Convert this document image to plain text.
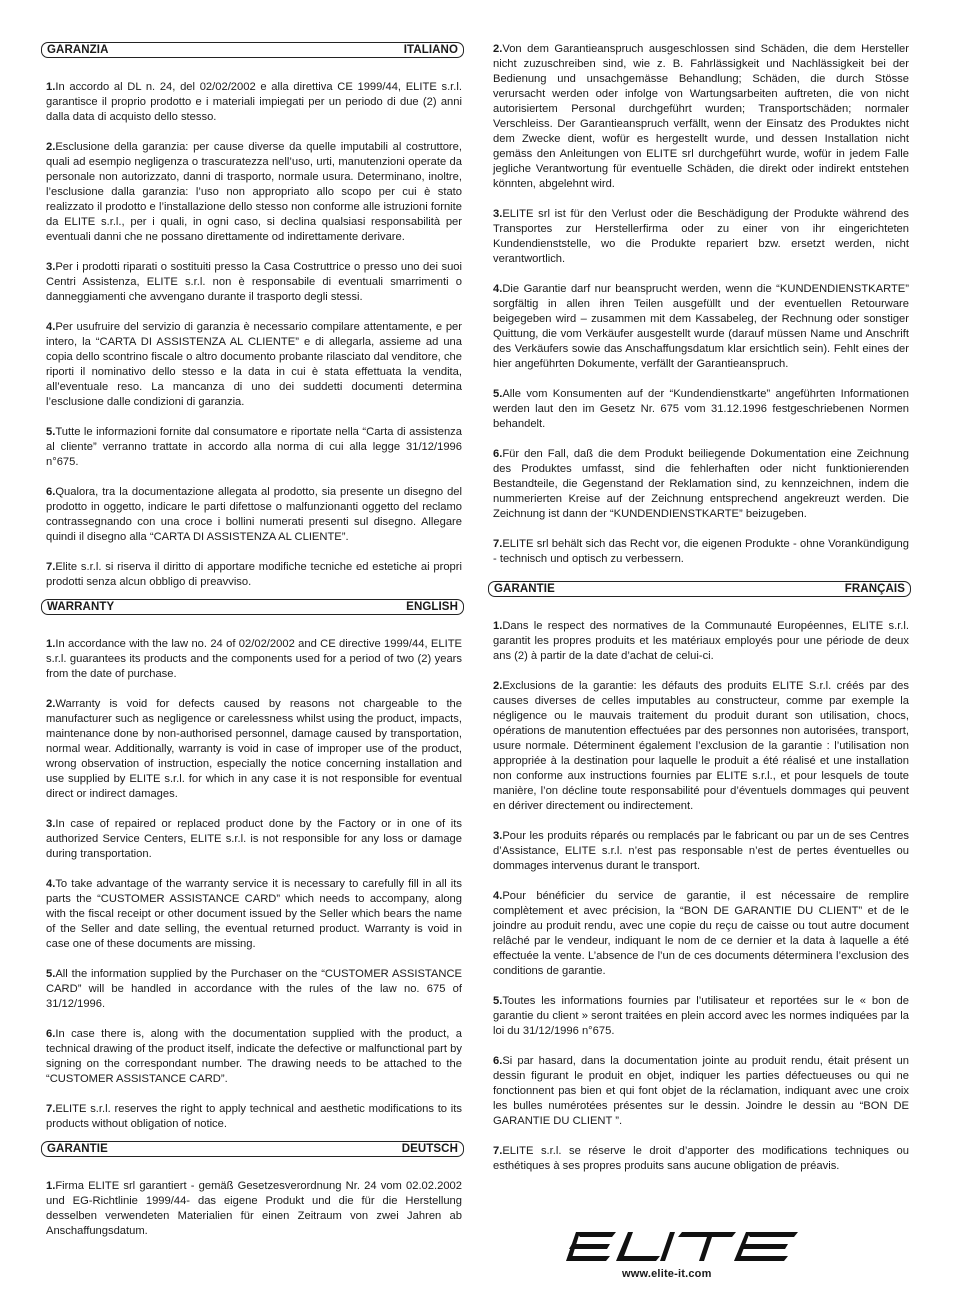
GARANZIA	ITALIANO

1.In accordo al DL n. 24, del 02/02/2002 e alla direttiva CE 1999/44, ELITE s.r.l. garantisce il proprio prodotto e i materiali impiegati per un periodo di due (2) anni dalla data di acquisto dello stesso.

2.Esclusione della garanzia: per cause diverse da quelle imputabili al costruttore, quali ad esempio negligenza o trascuratezza nell’uso, urti, manutenzioni operate da personale non autorizzato, danni di trasporto, normale usura. Determinano, inoltre, l’esclusione dalla garanzia: l’uso non appropriato allo scopo per cui è stato realizzato il prodotto e l’installazione dello stesso non conforme alle istruzioni fornite da ELITE s.r.l., per i quali, in ogni caso, si declina qualsiasi responsabilità per eventuali danni che ne possano direttamente od indirettamente derivare.

3.Per i prodotti riparati o sostituiti presso la Casa Costruttrice o presso uno dei suoi Centri Assistenza, ELITE s.r.l. non è responsabile di eventuali smarrimenti o danneggiamenti che avvengano durante il trasporto degli stessi.

4.Per usufruire del servizio di garanzia è necessario compilare attentamente, e per intero, la “CARTA DI ASSISTENZA AL CLIENTE” e di allegarla, assieme ad una copia dello scontrino fiscale o altro documento probante rilasciato dal venditore, che riporti il nominativo dello stesso e la data in cui è stata effettuata la vendita, all’eventuale reso. La mancanza di uno dei suddetti documenti determina l’esclusione dalle condizioni di garanzia.

5.Tutte le informazioni fornite dal consumatore e riportate nella “Carta di assistenza al cliente” verranno trattate in accordo alla norma di cui alla legge 31/12/1996 n°675.

6.Qualora, tra la documentazione allegata al prodotto, sia presente un disegno del prodotto in oggetto, indicare le parti difettose o malfunzionanti oggetto del reclamo contrassegnando con una croce i bollini numerati presenti sul disegno. Allegare quindi il disegno alla “CARTA DI ASSISTENZA AL CLIENTE”.

7.Elite s.r.l. si riserva il diritto di apportare modifiche tecniche ed estetiche ai propri prodotti senza alcun obbligo di preavviso.

WARRANTY	ENGLISH

1.In accordance with the law no. 24 of 02/02/2002 and CE directive 1999/44, ELITE s.r.l. guarantees its products and the components used for a period of two (2) years from the date of purchase.

2.Warranty is void for defects caused by reasons not chargeable to the manufacturer such as negligence or carelessness whilst using the product, impacts, maintenance done by non-authorised personnel, damage caused by transportation, normal wear. Additionally, warranty is void in case of improper use of the product, wrong observation of instruction, especially the notice concerning installation and use supplied by ELITE s.r.l. for which in any case it is not responsible for eventual direct or indirect damages.

3.In case of repaired or replaced product done by the Factory or in one of its authorized Service Centers, ELITE s.r.l. is not responsible for any loss or damage during transportation.

4.To take advantage of the warranty service it is necessary to carefully fill in all its parts the “CUSTOMER ASSISTANCE CARD” which needs to accompany, along with the fiscal receipt or other document issued by the Seller which bears the name of the Seller and date selling, the eventual returned product. Warranty is void in case one of these documents are missing.

5.All the information supplied by the Purchaser on the “CUSTOMER ASSISTANCE CARD” will be handled in accordance with the rules of the law no. 675 of 31/12/1996.

6.In case there is, along with the documentation supplied with the product, a technical drawing of the product itself, indicate the defective or malfunctional part by signing on the correspondant number. The drawing needs to be attached to the “CUSTOMER ASSISTANCE CARD”.

7.ELITE s.r.l. reserves the right to apply technical and aesthetic modifications to its products without obligation of notice.

GARANTIE	DEUTSCH

1.Firma ELITE srl garantiert - gemäß Gesetzesverordnung Nr. 24 vom 02.02.2002 und EG-Richtlinie 1999/44- das eigene Produkt und die für die Herstellung desselben verwendeten Materialien für einen Zeitraum von zwei Jahren ab Anschaffungsdatum.

2.Von dem Garantieanspruch ausgeschlossen sind Schäden, die dem Hersteller nicht zuzuschreiben sind, wie z. B. Fahrlässigkeit und Nachlässigkeit bei der Bedienung und unsachgemässe Behandlung; Schäden, die durch Stösse verursacht werden oder infolge von Wartungsarbeiten auftreten, die von nicht autorisiertem Personal durchgeführt wurden; Transportschäden; normaler Verschleiss. Der Garantieanspruch verfällt, wenn der Einsatz des Produktes nicht dem Zwecke dient, wofür es hergestellt wurde, und dessen Installation nicht gemäss den Anleitungen von ELITE srl durchgeführt wurde, wofür in jedem Falle jegliche Verantwortung für eventuelle Schäden, die direkt oder indirekt entstehen könnten, abgelehnt wird.

3.ELITE srl ist für den Verlust oder die Beschädigung der Produkte während des Transportes zur Herstellerfirma oder zu einer von ihr eingerichteten Kundendienststelle, wo die Produkte repariert bzw. ersetzt werden, nicht verantwortlich.

4.Die Garantie darf nur beansprucht werden, wenn die “KUNDENDIENSTKARTE” sorgfältig in allen ihren Teilen ausgefüllt und der eventuellen Retourware beigegeben wird – zusammen mit dem Kassabeleg, der Rechnung oder sonstiger Quittung, die vom Verkäufer ausgestellt wurde (darauf müssen Name und Anschrift des Verkäufers sowie das Anschaffungsdatum klar ersichtlich sein). Fehlt eines der hier angeführten Dokumente, verfällt der Garantieanspruch.

5.Alle vom Konsumenten auf der “Kundendienstkarte” angeführten Informationen werden laut den im Gesetz Nr. 675 vom 31.12.1996 festgeschriebenen Normen behandelt.

6.Für den Fall, daß die dem Produkt beiliegende Dokumentation eine Zeichnung des Produktes umfasst, sind die fehlerhaften oder nicht funktionierenden Bestandteile, die Gegenstand der Reklamation sind, zu kennzeichnen, indem die nummerierten Kreise auf der Zeichnung entsprechend angekreuzt werden. Die Zeichnung ist dann der “KUNDENDIENSTKARTE” beizugeben.

7.ELITE srl behält sich das Recht vor, die eigenen Produkte - ohne Vorankündigung - technisch und optisch zu verbessern.

GARANTIE	FRANÇAIS

1.Dans le respect des normatives de la Communauté Européennes, ELITE s.r.l. garantit les propres produits et les matériaux employés pour une période de deux ans (2) à partir de la date d’achat de celui-ci.

2.Exclusions de la garantie: les défauts des produits ELITE S.r.l. créés par des causes diverses de celles imputables au constructeur, comme par exemple la négligence ou le mauvais traitement du produit durant son utilisation, chocs, opérations de manutention effectuées par des personnes non autorisées, transport, usure normale. Déterminent également l’exclusion de la garantie : l’utilisation non appropriée à la destination pour laquelle le produit a été réalisé et une installation non conforme aux instructions fournies par ELITE s.r.l., et pour lesquels de toute manière, l’on décline toute responsabilité pour d’éventuels dommages qui peuvent en dériver directement ou indirectement.

3.Pour les produits réparés ou remplacés par le fabricant ou par un de ses Centres d’Assistance, ELITE s.r.l. n’est pas responsable n’est de pertes éventuelles ou dommages intervenus durant le transport.

4.Pour bénéficier du service de garantie, il est nécessaire de remplire complètement et avec précision, la “BON DE GARANTIE DU CLIENT” et de le joindre au produit rendu, avec une copie du reçu de caisse ou tout autre document relâché par le vendeur, indiquant le nom de ce dernier et la data à laquelle a été effectuée la vente. L’absence de l’un de ces documents déterminera l’exclusion des conditions de garantie.

5.Toutes les informations fournies par l’utilisateur et reportées sur le « bon de garantie du client » seront traitées en plein accord avec les normes indiquées par la loi du 31/12/1996 n°675.

6.Si par hasard, dans la documentation jointe au produit rendu, était présent un dessin figurant le produit en objet, indiquer les parties défectueuses ou qui ne fonctionnent pas bien et qui font objet de la réclamation, indiquant avec une croix les bulles numérotées présentes sur le dessin. Joindre le dessin au “BON DE GARANTIE DU CLIENT ”.

7.ELITE s.r.l. se réserve le droit d’apporter des modifications techniques ou esthétiques à ses propres produits sans aucune obligation de préavis.

www.elite-it.com
